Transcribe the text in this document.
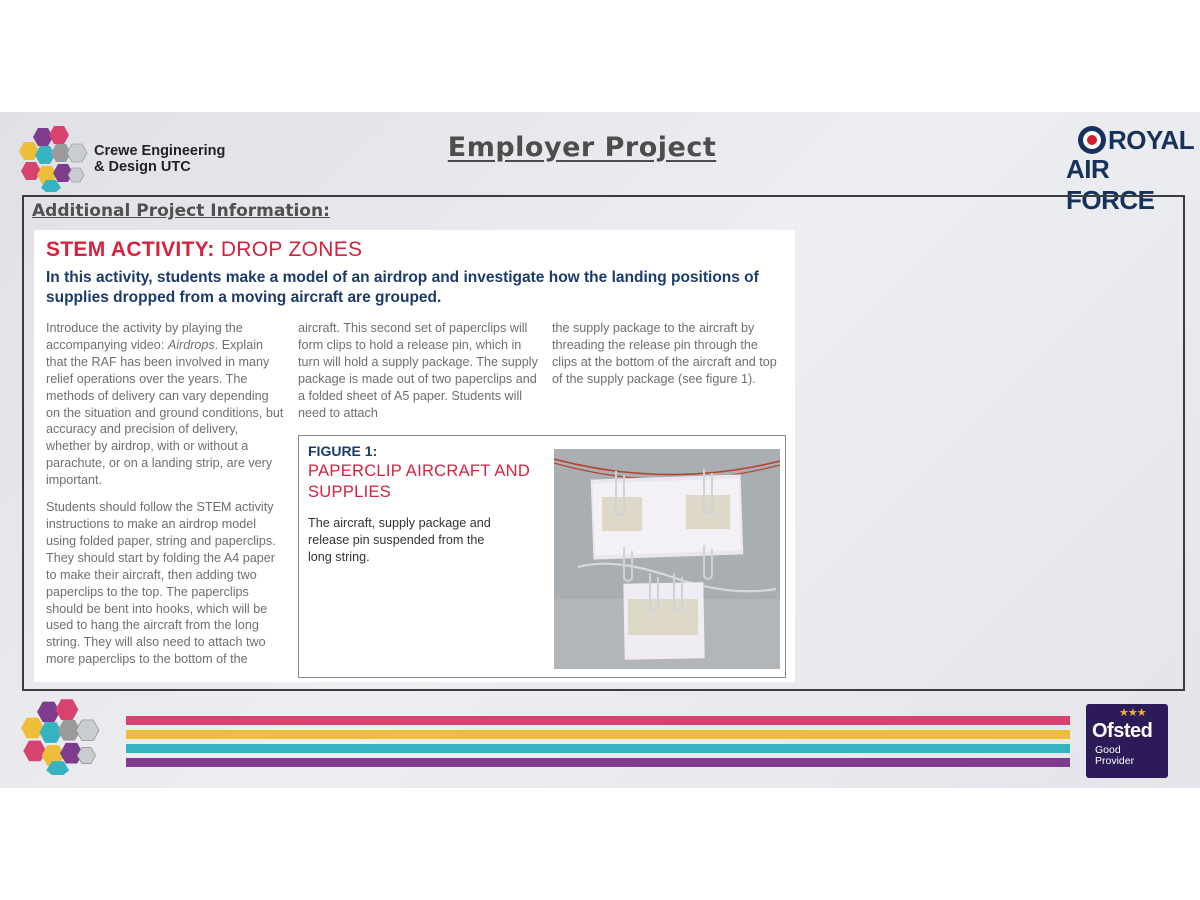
Crewe Engineering
& Design UTC
Employer Project	ROYAL
AIR FORCE
Additional Project Information:
STEM ACTIVITY: DROP ZONES
In this activity, students make a model of an airdrop and investigate how the landing positions of supplies dropped from a moving aircraft are grouped.

Introduce the activity by playing the accompanying video: Airdrops. Explain that the RAF has been involved in many relief operations over the years. The methods of delivery can vary depending on the situation and ground conditions, but accuracy and precision of delivery, whether by airdrop, with or without a parachute, or on a landing strip, are very important.

Students should follow the STEM activity instructions to make an airdrop model using folded paper, string and paperclips. They should start by folding the A4 paper to make their aircraft, then adding two paperclips to the top. The paperclips should be bent into hooks, which will be used to hang the aircraft from the long string. They will also need to attach two more paperclips to the bottom of the

aircraft. This second set of paperclips will form clips to hold a release pin, which in turn will hold a supply package. The supply package is made out of two paperclips and a folded sheet of A5 paper. Students will need to attach

the supply package to the aircraft by threading the release pin through the clips at the bottom of the aircraft and top of the supply package (see figure 1).

FIGURE 1:
PAPERCLIP AIRCRAFT AND SUPPLIES
The aircraft, supply package and release pin suspended from the long string.
★★★
Ofsted
Good
Provider
